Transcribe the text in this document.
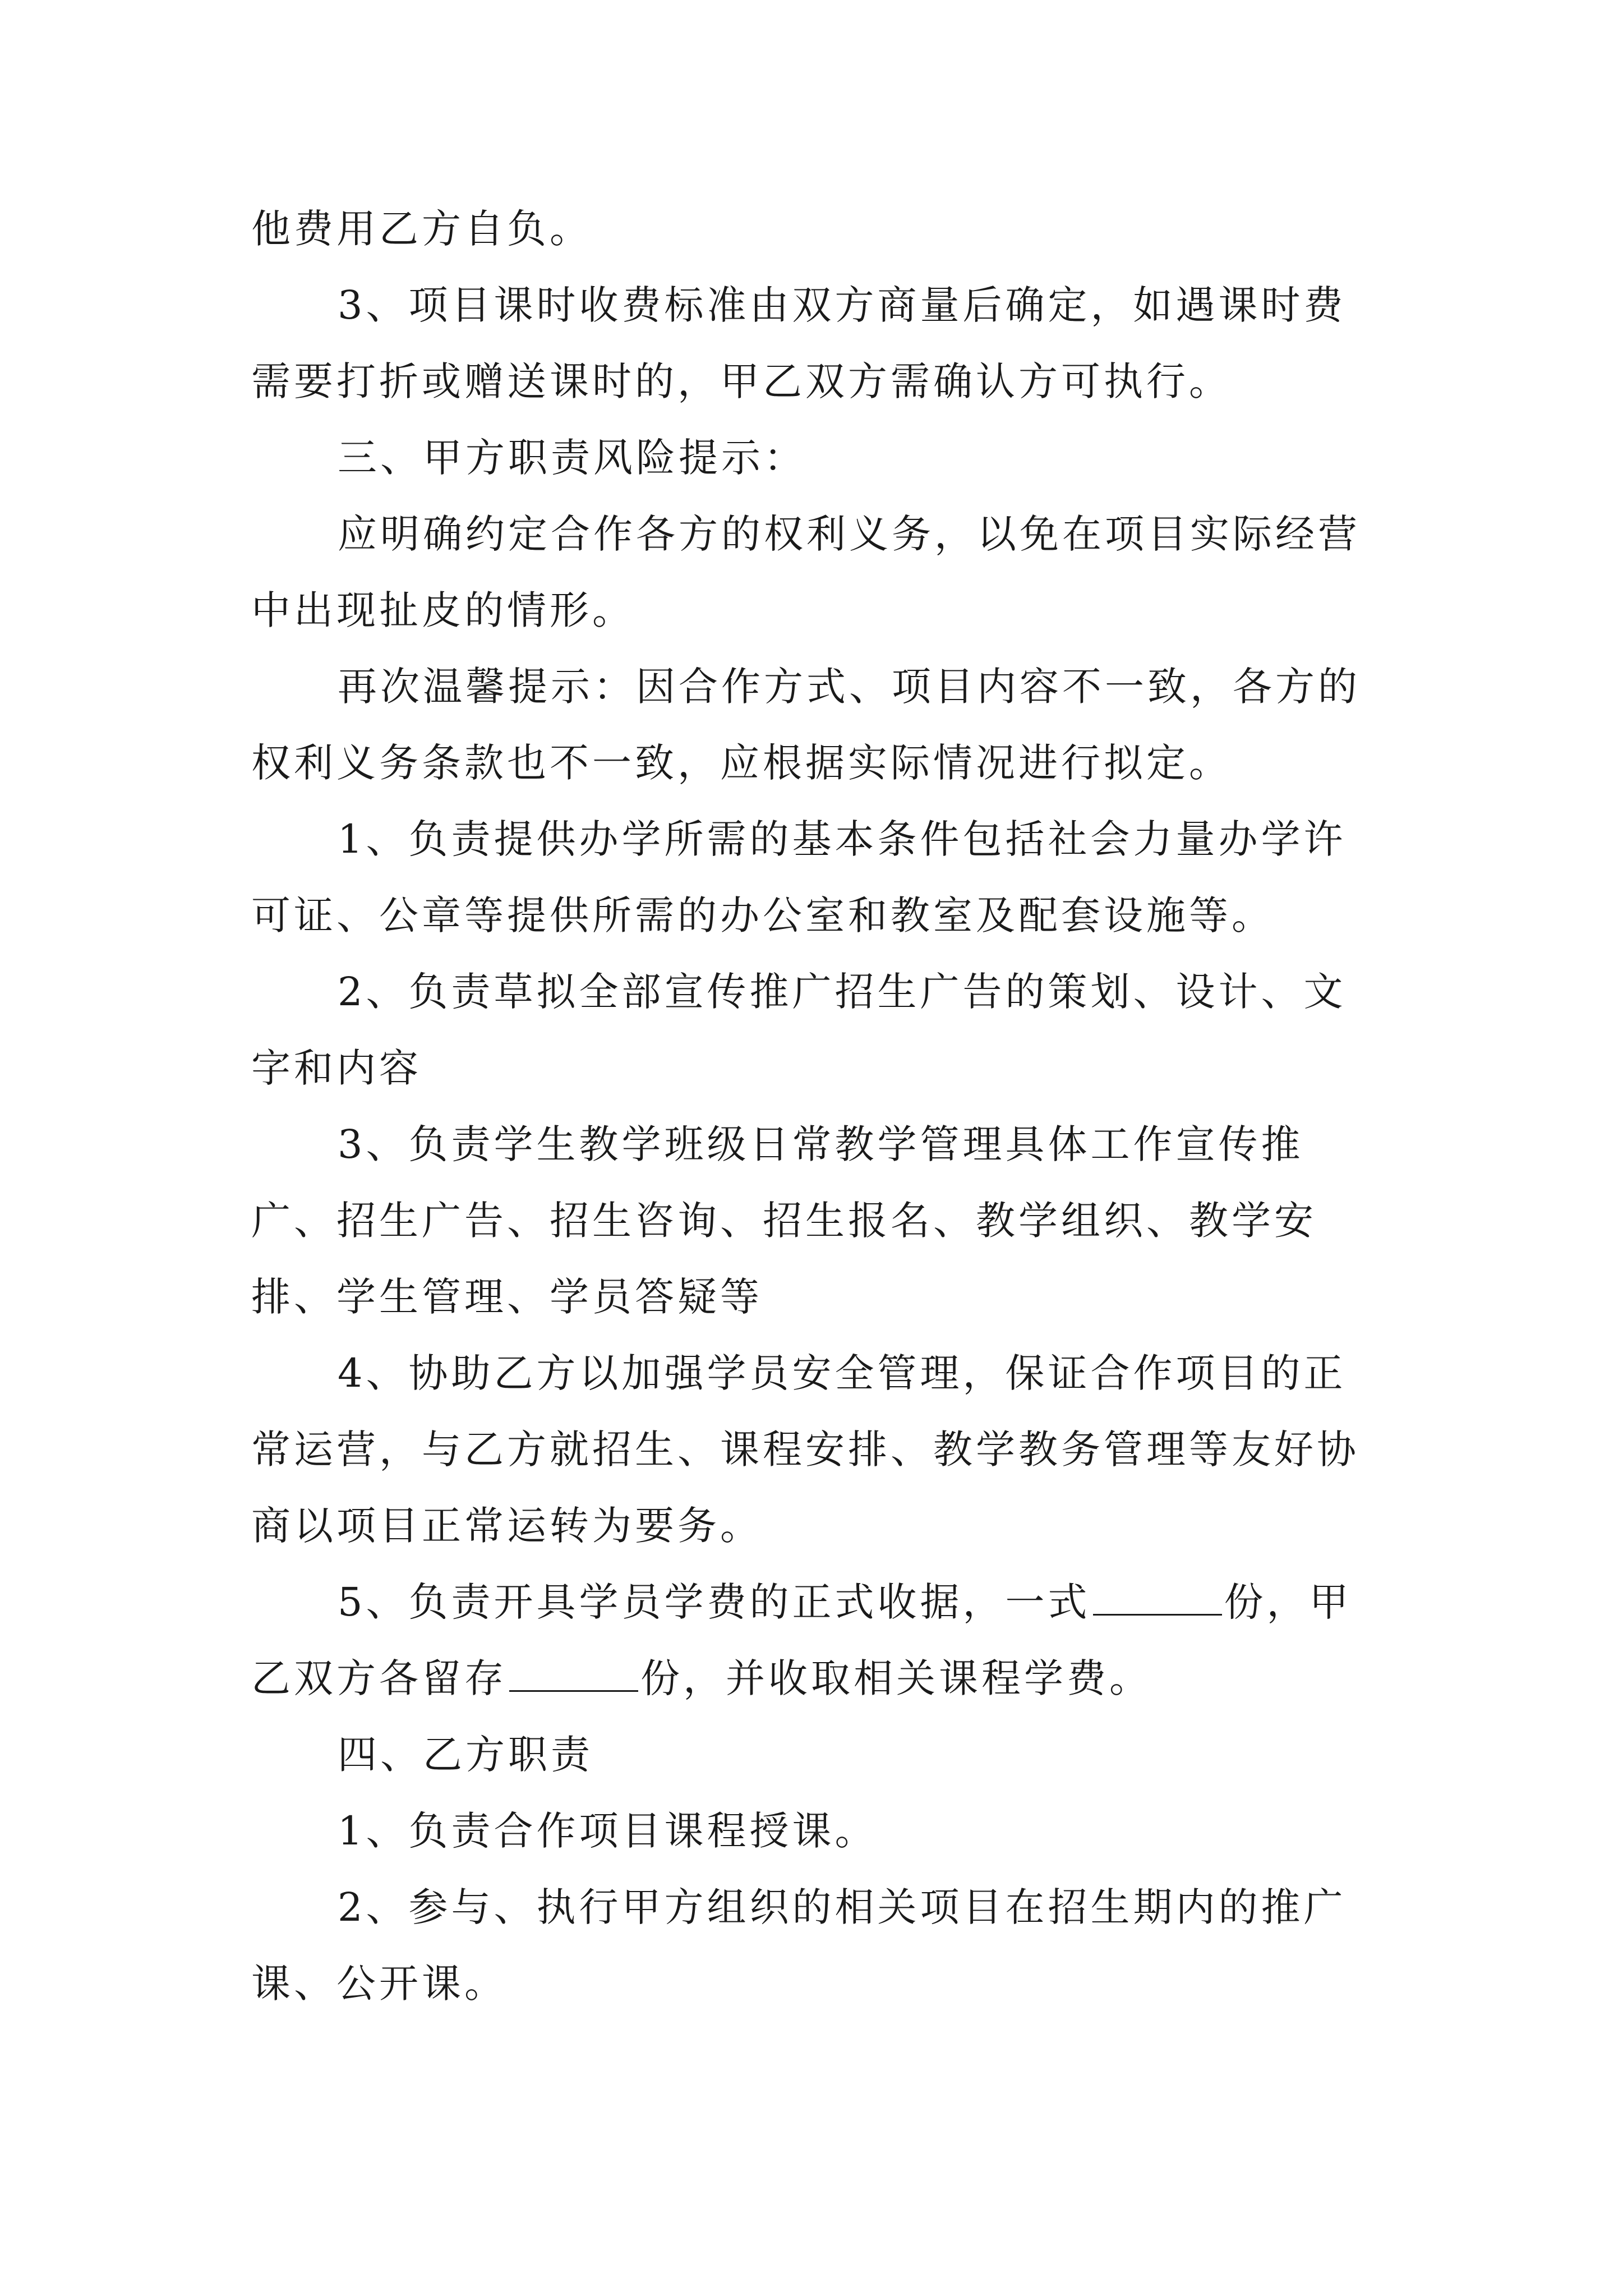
他费用乙方自负。

3、项目课时收费标准由双方商量后确定，如遇课时费需要打折或赠送课时的，甲乙双方需确认方可执行。

三、甲方职责风险提示：

应明确约定合作各方的权利义务，以免在项目实际经营中出现扯皮的情形。

再次温馨提示：因合作方式、项目内容不一致，各方的权利义务条款也不一致，应根据实际情况进行拟定。

1、负责提供办学所需的基本条件包括社会力量办学许可证、公章等提供所需的办公室和教室及配套设施等。

2、负责草拟全部宣传推广招生广告的策划、设计、文字和内容

3、负责学生教学班级日常教学管理具体工作宣传推广、招生广告、招生咨询、招生报名、教学组织、教学安排、学生管理、学员答疑等

4、协助乙方以加强学员安全管理，保证合作项目的正常运营，与乙方就招生、课程安排、教学教务管理等友好协商以项目正常运转为要务。

5、负责开具学员学费的正式收据，一式	份，甲乙双方各留存	份，并收取相关课程学费。

四、乙方职责

1、负责合作项目课程授课。

2、参与、执行甲方组织的相关项目在招生期内的推广课、公开课。
